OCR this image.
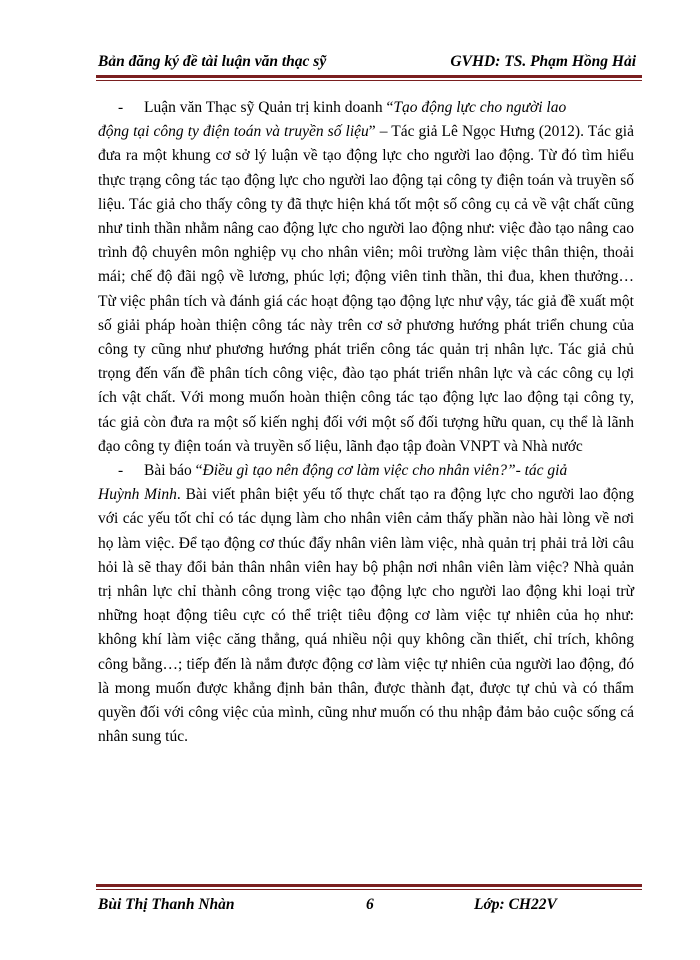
Bản đăng ký đề tài luận văn thạc sỹ	GVHD: TS. Phạm Hồng Hải

- Luận văn Thạc sỹ Quản trị kinh doanh “Tạo động lực cho người lao
động tại công ty điện toán và truyền số liệu” – Tác giả Lê Ngọc Hưng (2012). Tác giả đưa ra một khung cơ sở lý luận về tạo động lực cho người lao động. Từ đó tìm hiểu thực trạng công tác tạo động lực cho người lao động tại công ty điện toán và truyền số liệu. Tác giả cho thấy công ty đã thực hiện khá tốt một số công cụ cả về vật chất cũng như tinh thần nhằm nâng cao động lực cho người lao động như: việc đào tạo nâng cao trình độ chuyên môn nghiệp vụ cho nhân viên; môi trường làm việc thân thiện, thoải mái; chế độ đãi ngộ về lương, phúc lợi; động viên tinh thần, thi đua, khen thưởng…Từ việc phân tích và đánh giá các hoạt động tạo động lực như vậy, tác giả đề xuất một số giải pháp hoàn thiện công tác này trên cơ sở phương hướng phát triển chung của công ty cũng như phương hướng phát triển công tác quản trị nhân lực. Tác giả chủ trọng đến vấn đề phân tích công việc, đào tạo phát triển nhân lực và các công cụ lợi ích vật chất. Với mong muốn hoàn thiện công tác tạo động lực lao động tại công ty, tác giả còn đưa ra một số kiến nghị đối với một số đối tượng hữu quan, cụ thể là lãnh đạo công ty điện toán và truyền số liệu, lãnh đạo tập đoàn VNPT và Nhà nước

- Bài báo “Điều gì tạo nên động cơ làm việc cho nhân viên?”- tác giả
Huỳnh Minh. Bài viết phân biệt yếu tố thực chất tạo ra động lực cho người lao động với các yếu tốt chỉ có tác dụng làm cho nhân viên cảm thấy phần nào hài lòng về nơi họ làm việc. Để tạo động cơ thúc đẩy nhân viên làm việc, nhà quản trị phải trả lời câu hỏi là sẽ thay đổi bản thân nhân viên hay bộ phận nơi nhân viên làm việc? Nhà quản trị nhân lực chỉ thành công trong việc tạo động lực cho người lao động khi loại trừ những hoạt động tiêu cực có thể triệt tiêu động cơ làm việc tự nhiên của họ như: không khí làm việc căng thẳng, quá nhiều nội quy không cần thiết, chỉ trích, không công bằng…; tiếp đến là nắm được động cơ làm việc tự nhiên của người lao động, đó là mong muốn được khẳng định bản thân, được thành đạt, được tự chủ và có thẩm quyền đối với công việc của mình, cũng như muốn có thu nhập đảm bảo cuộc sống cá nhân sung túc.

Bùi Thị Thanh Nhàn	6	Lớp: CH22V
